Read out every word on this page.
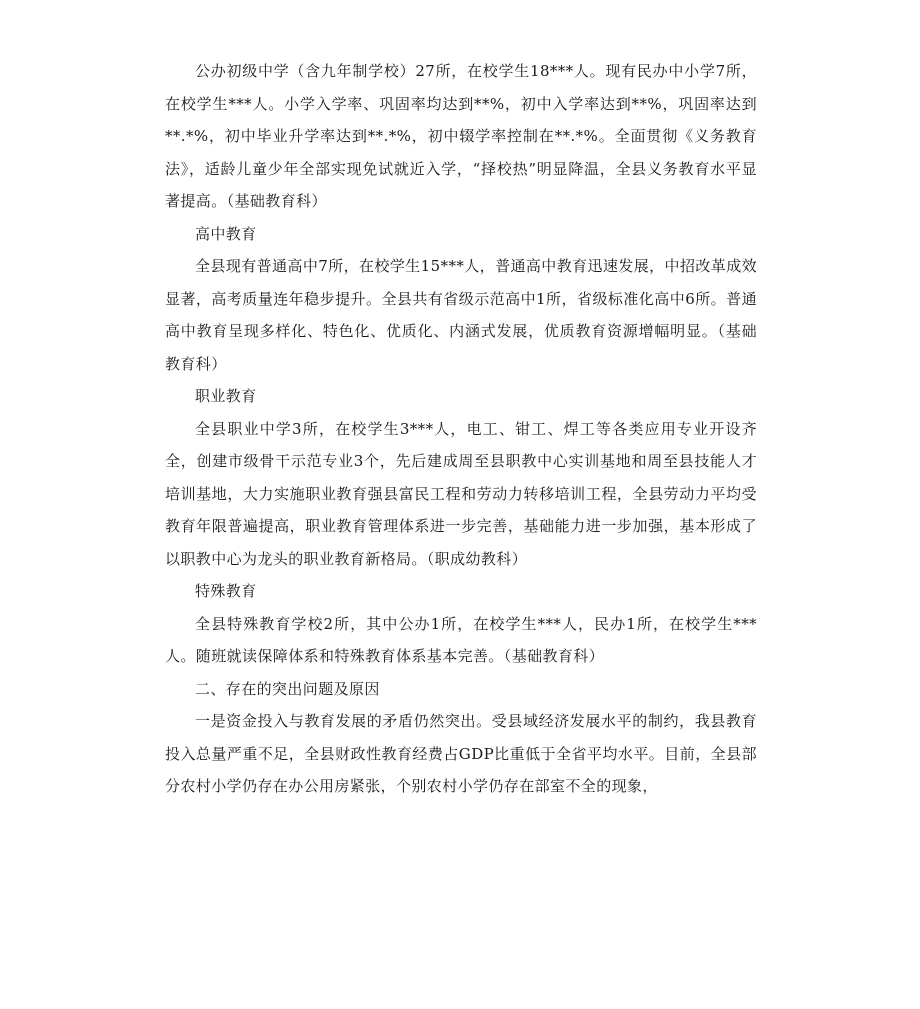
公办初级中学（含九年制学校）27所，在校学生18***人。现有民办中小学7所，在校学生***人。小学入学率、巩固率均达到**%，初中入学率达到**%，巩固率达到**.*%，初中毕业升学率达到**.*%，初中辍学率控制在**.*%。全面贯彻《义务教育法》，适龄儿童少年全部实现免试就近入学，“择校热”明显降温，全县义务教育水平显著提高。（基础教育科）

高中教育

全县现有普通高中7所，在校学生15***人，普通高中教育迅速发展，中招改革成效显著，高考质量连年稳步提升。全县共有省级示范高中1所，省级标准化高中6所。普通高中教育呈现多样化、特色化、优质化、内涵式发展，优质教育资源增幅明显。（基础教育科）

职业教育

全县职业中学3所，在校学生3***人，电工、钳工、焊工等各类应用专业开设齐全，创建市级骨干示范专业3个，先后建成周至县职教中心实训基地和周至县技能人才培训基地，大力实施职业教育强县富民工程和劳动力转移培训工程，全县劳动力平均受教育年限普遍提高，职业教育管理体系进一步完善，基础能力进一步加强，基本形成了以职教中心为龙头的职业教育新格局。（职成幼教科）

特殊教育

全县特殊教育学校2所，其中公办1所，在校学生***人，民办1所，在校学生***人。随班就读保障体系和特殊教育体系基本完善。（基础教育科）

二、存在的突出问题及原因

一是资金投入与教育发展的矛盾仍然突出。受县域经济发展水平的制约，我县教育投入总量严重不足，全县财政性教育经费占GDP比重低于全省平均水平。目前，全县部分农村小学仍存在办公用房紧张，个别农村小学仍存在部室不全的现象，
